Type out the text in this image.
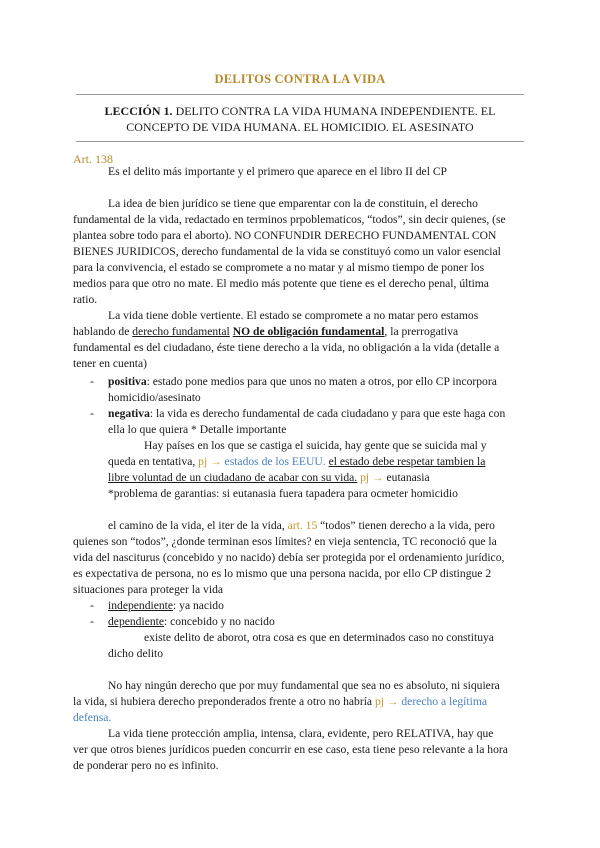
DELITOS CONTRA LA VIDA
LECCIÓN 1. DELITO CONTRA LA VIDA HUMANA INDEPENDIENTE. EL
CONCEPTO DE VIDA HUMANA. EL HOMICIDIO. EL ASESINATO
Art. 138
Es el delito más importante y el primero que aparece en el libro II del CP
La idea de bien jurídico se tiene que emparentar con la de constituin, el derecho
fundamental de la vida, redactado en terminos prpoblematicos, “todos”, sin decir quienes, (se
plantea sobre todo para el aborto). NO CONFUNDIR DERECHO FUNDAMENTAL CON
BIENES JURIDICOS, derecho fundamental de la vida se constituyó como un valor esencial
para la convivencia, el estado se compromete a no matar y al mismo tiempo de poner los
medios para que otro no mate. El medio más potente que tiene es el derecho penal, última
ratio.
La vida tiene doble vertiente. El estado se compromete a no matar pero estamos
hablando de derecho fundamental NO de obligación fundamental, la prerrogativa
fundamental es del ciudadano, éste tiene derecho a la vida, no obligación a la vida (detalle a
tener en cuenta)
- positiva: estado pone medios para que unos no maten a otros, por ello CP incorpora
homicidio/asesinato
- negativa: la vida es derecho fundamental de cada ciudadano y para que este haga con
ella lo que quiera * Detalle importante
Hay países en los que se castiga el suicida, hay gente que se suicida mal y
queda en tentativa, pj → estados de los EEUU. el estado debe respetar tambien la
libre voluntad de un ciudadano de acabar con su vida. pj → eutanasia
*problema de garantias: si eutanasia fuera tapadera para ocmeter homicidio
el camino de la vida, el iter de la vida, art. 15 “todos” tienen derecho a la vida, pero
quienes son “todos”, ¿donde terminan esos límites? en vieja sentencia, TC reconoció que la
vida del nasciturus (concebido y no nacido) debía ser protegida por el ordenamiento jurídico,
es expectativa de persona, no es lo mismo que una persona nacida, por ello CP distingue 2
situaciones para proteger la vida
- independiente: ya nacido
- dependiente: concebido y no nacido
existe delito de aborot, otra cosa es que en determinados caso no constituya
dicho delito
No hay ningún derecho que por muy fundamental que sea no es absoluto, ni siquiera
la vida, si hubiera derecho preponderados frente a otro no habría pj → derecho a legítima
defensa.
La vida tiene protección amplia, intensa, clara, evidente, pero RELATIVA, hay que
ver que otros bienes jurídicos pueden concurrir en ese caso, esta tiene peso relevante a la hora
de ponderar pero no es infinito.
